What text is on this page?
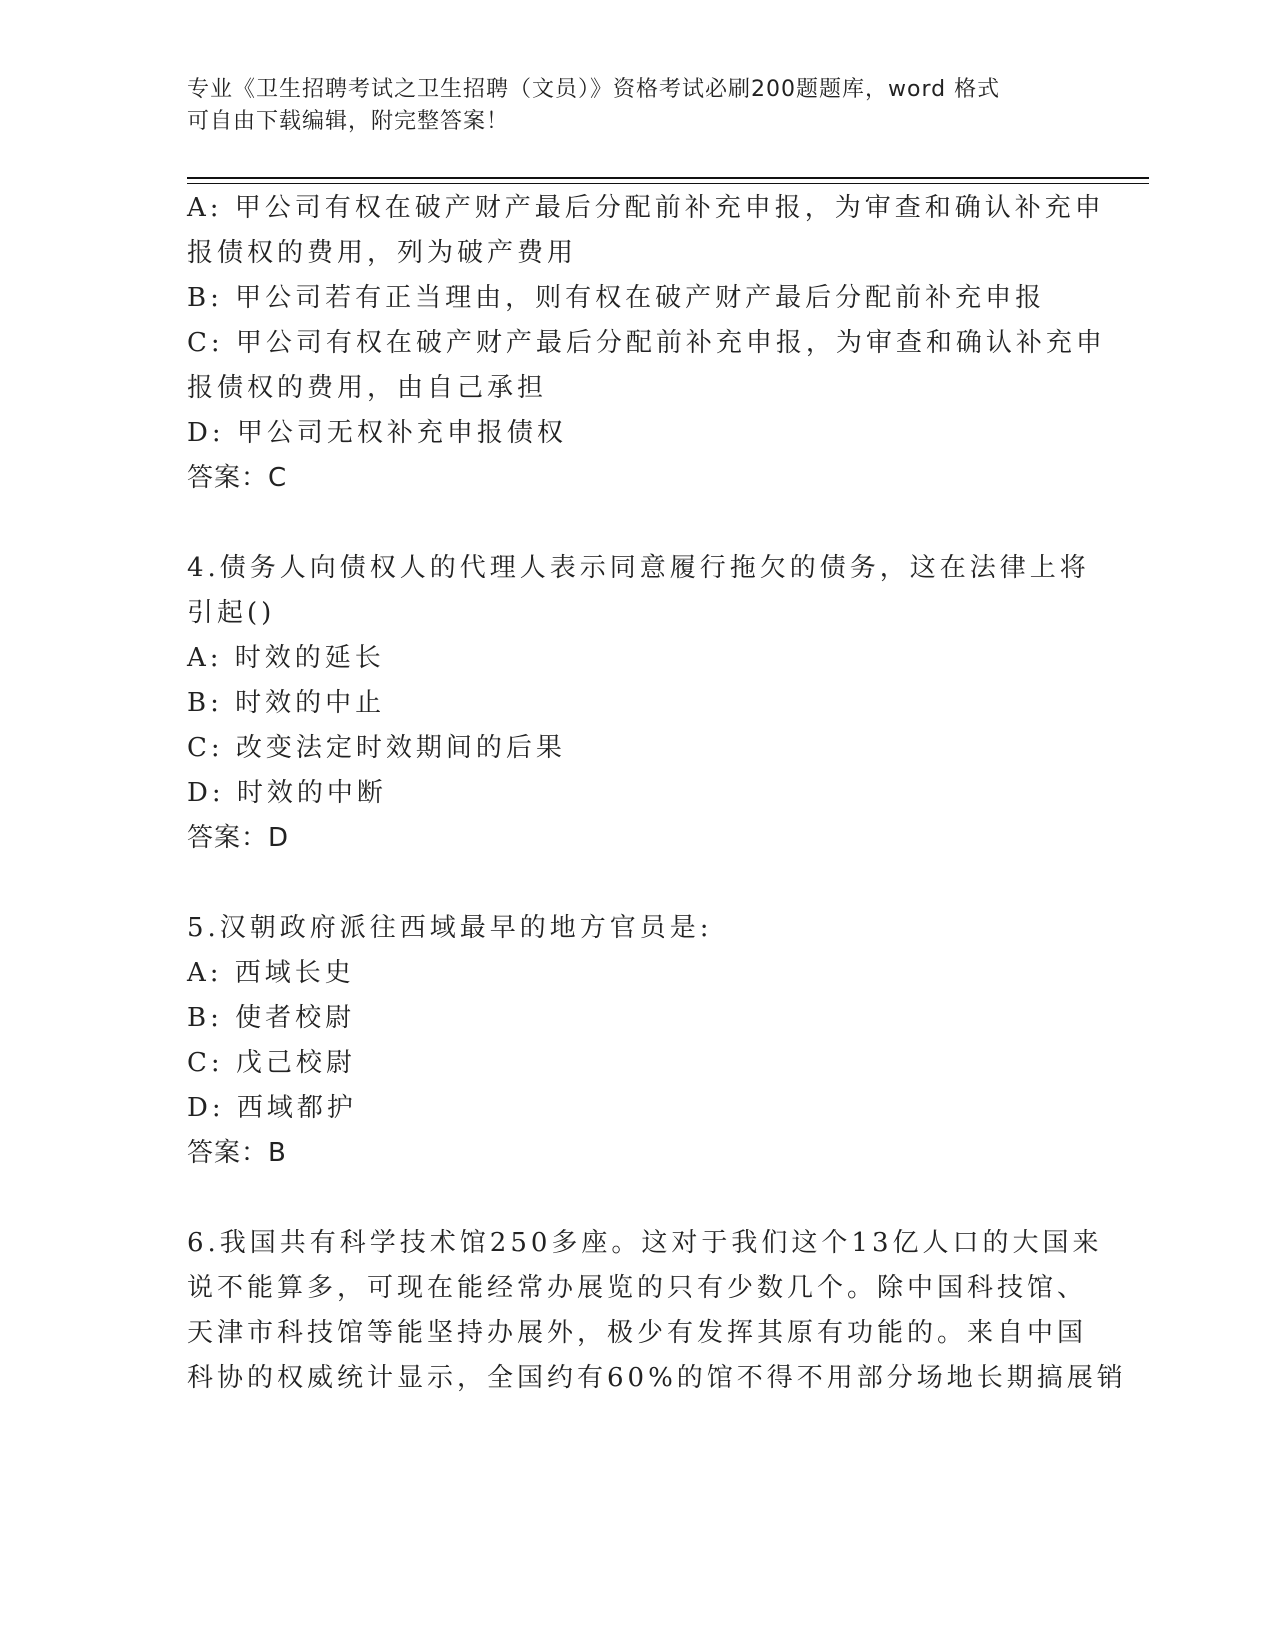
专业《卫生招聘考试之卫生招聘（文员）》资格考试必刷200题题库，word 格式
可自由下载编辑，附完整答案！
A: 甲公司有权在破产财产最后分配前补充申报，为审查和确认补充申
报债权的费用，列为破产费用
B: 甲公司若有正当理由，则有权在破产财产最后分配前补充申报
C: 甲公司有权在破产财产最后分配前补充申报，为审查和确认补充申
报债权的费用，由自己承担
D: 甲公司无权补充申报债权
答案：C
4.债务人向债权人的代理人表示同意履行拖欠的债务，这在法律上将
引起()
A: 时效的延长
B: 时效的中止
C: 改变法定时效期间的后果
D: 时效的中断
答案：D
5.汉朝政府派往西域最早的地方官员是:
A: 西域长史
B: 使者校尉
C: 戊己校尉
D: 西域都护
答案：B
6.我国共有科学技术馆250多座。这对于我们这个13亿人口的大国来
说不能算多，可现在能经常办展览的只有少数几个。除中国科技馆、
天津市科技馆等能坚持办展外，极少有发挥其原有功能的。来自中国
科协的权威统计显示，全国约有60%的馆不得不用部分场地长期搞展销
